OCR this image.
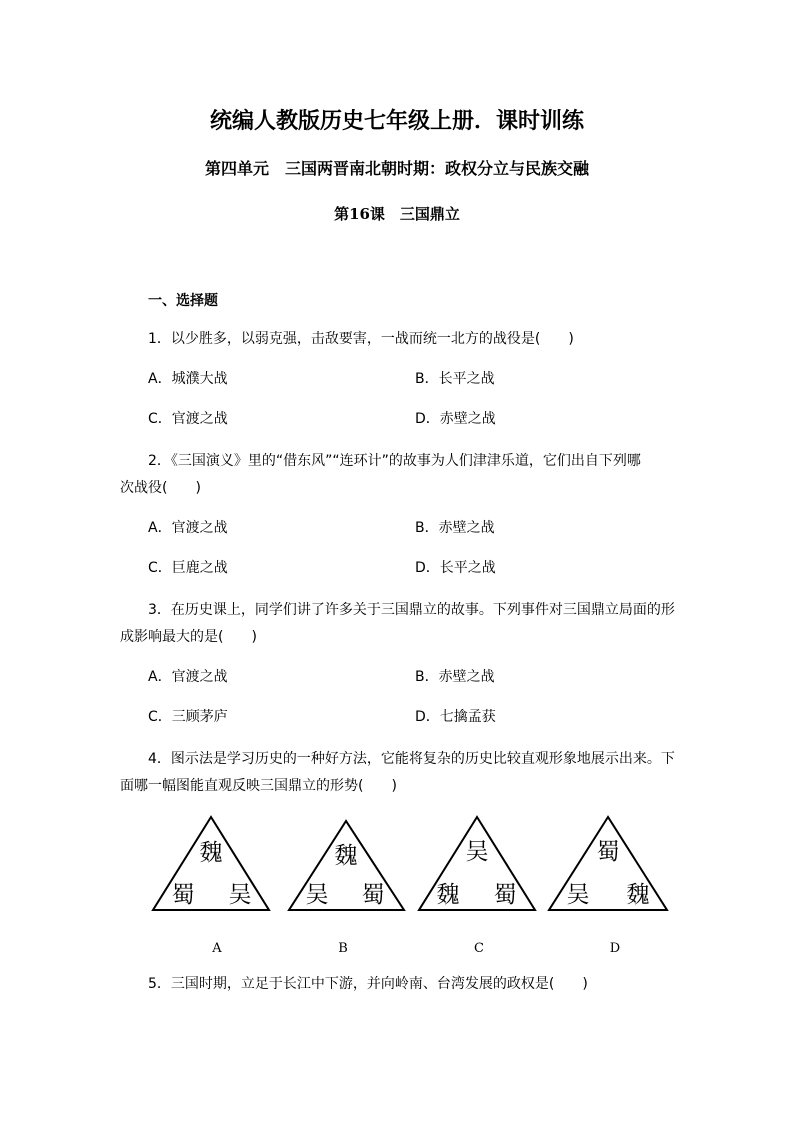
统编人教版历史七年级上册．课时训练
第四单元　三国两晋南北朝时期：政权分立与民族交融
第16课　三国鼎立
一、选择题
1．以少胜多，以弱克强，击敌要害，一战而统一北方的战役是(　　)
A．城濮大战	B．长平之战
C．官渡之战	D．赤壁之战
2．《三国演义》里的“借东风”“连环计”的故事为人们津津乐道，它们出自下列哪
次战役(　　)
A．官渡之战	B．赤壁之战
C．巨鹿之战	D．长平之战
3．在历史课上，同学们讲了许多关于三国鼎立的故事。下列事件对三国鼎立局面的形
成影响最大的是(　　)
A．官渡之战	B．赤壁之战
C．三顾茅庐	D．七擒孟获
4．图示法是学习历史的一种好方法，它能将复杂的历史比较直观形象地展示出来。下
面哪一幅图能直观反映三国鼎立的形势(　　)
魏
蜀 吴
A
魏
吴 蜀
B
吴
魏 蜀
C
蜀
吴 魏
D
5．三国时期，立足于长江中下游，并向岭南、台湾发展的政权是(　　)
